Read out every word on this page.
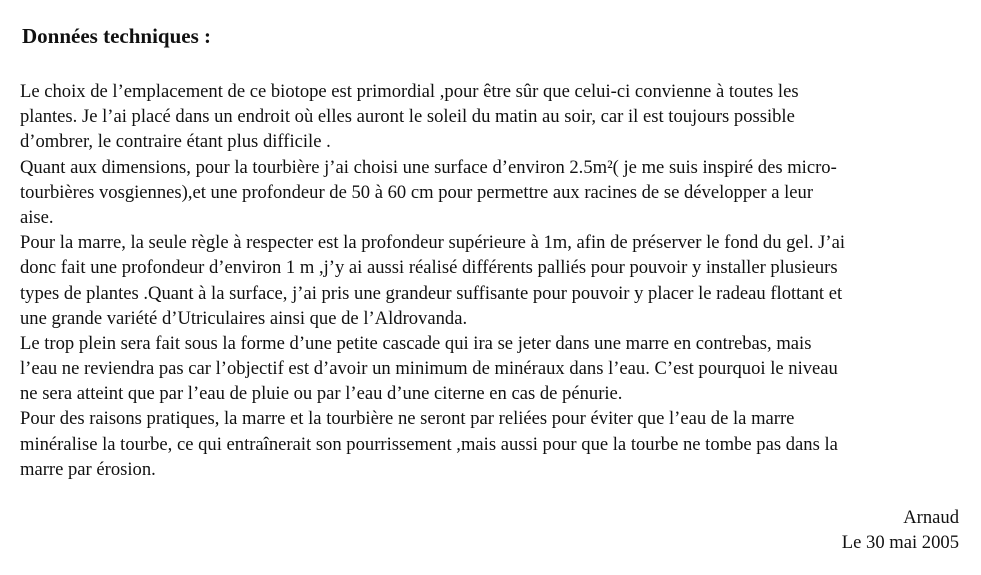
Données techniques :
Le choix de l’emplacement de ce biotope est primordial ,pour être sûr que celui-ci convienne à toutes les
plantes. Je l’ai placé dans un endroit où elles auront le soleil du matin au soir, car il est toujours possible
d’ombrer, le contraire étant plus difficile .
Quant aux dimensions, pour la tourbière j’ai choisi une surface d’environ 2.5m²( je me suis inspiré des micro-
tourbières vosgiennes),et une profondeur de 50 à 60 cm pour permettre aux racines de se développer a leur
aise.
Pour la marre, la seule règle à respecter est la profondeur supérieure à 1m, afin de préserver le fond du gel. J’ai
donc fait une profondeur d’environ 1 m ,j’y ai aussi réalisé différents palliés pour pouvoir y installer plusieurs
types de plantes .Quant à la surface, j’ai pris une grandeur suffisante pour pouvoir y placer le radeau flottant et
une grande variété d’Utriculaires ainsi que de l’Aldrovanda.
Le trop plein sera fait sous la forme d’une petite cascade qui ira se jeter dans une marre en contrebas, mais
l’eau ne reviendra pas car l’objectif est d’avoir un minimum de minéraux dans l’eau. C’est pourquoi le niveau
ne sera atteint que par l’eau de pluie ou par l’eau d’une citerne en cas de pénurie.
Pour des raisons pratiques, la marre et la tourbière ne seront par reliées pour éviter que l’eau de la marre
minéralise la tourbe, ce qui entraînerait son pourrissement ,mais aussi pour que la tourbe ne tombe pas dans la
marre par érosion.
Arnaud
Le 30 mai 2005
